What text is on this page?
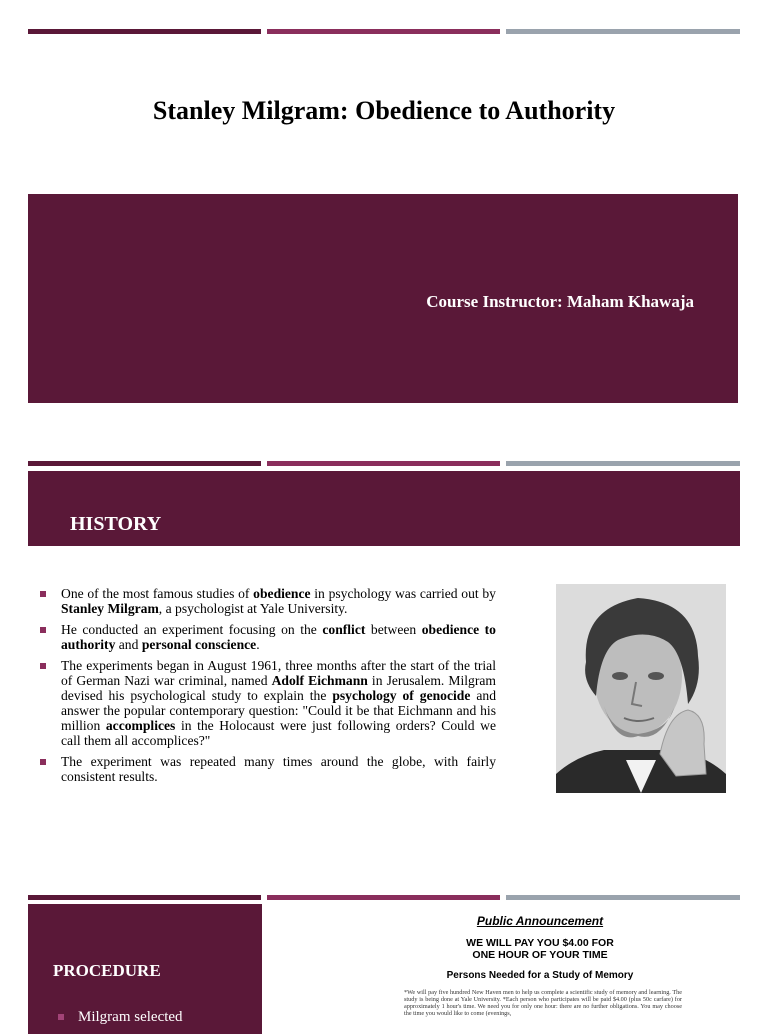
Stanley Milgram: Obedience to Authority
Course Instructor: Maham Khawaja
HISTORY
One of the most famous studies of obedience in psychology was carried out by Stanley Milgram, a psychologist at Yale University.
He conducted an experiment focusing on the conflict between obedience to authority and personal conscience.
The experiments began in August 1961, three months after the start of the trial of German Nazi war criminal, named Adolf Eichmann in Jerusalem. Milgram devised his psychological study to explain the psychology of genocide and answer the popular contemporary question: "Could it be that Eichmann and his million accomplices in the Holocaust were just following orders? Could we call them all accomplices?"
The experiment was repeated many times around the globe, with fairly consistent results.
PROCEDURE
Milgram selected
Public Announcement
WE WILL PAY YOU $4.00 FOR
ONE HOUR OF YOUR TIME
Persons Needed for a Study of Memory
*We will pay five hundred New Haven men to help us complete a scientific study of memory and learning. The study is being done at Yale University. *Each person who participates will be paid $4.00 (plus 50c carfare) for approximately 1 hour's time. We need you for only one hour: there are no further obligations. You may choose the time you would like to come (evenings,
